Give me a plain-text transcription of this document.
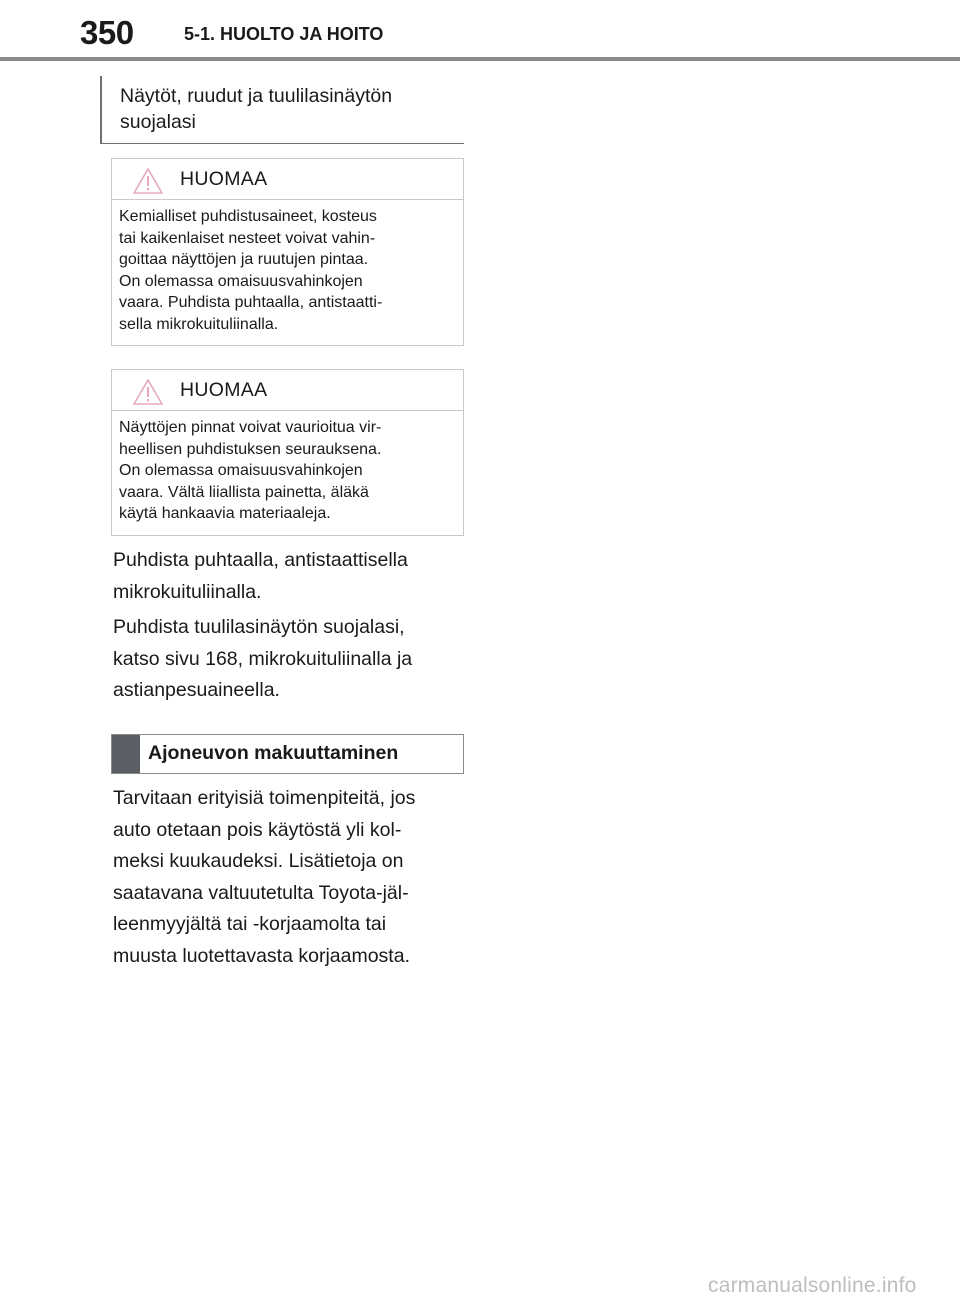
350	5-1. HUOLTO JA HOITO
Näytöt, ruudut ja tuulilasinäytön
suojalasi
HUOMAA
Kemialliset puhdistusaineet, kosteus
tai kaikenlaiset nesteet voivat vahin-
goittaa näyttöjen ja ruutujen pintaa.
On olemassa omaisuusvahinkojen
vaara. Puhdista puhtaalla, antistaatti-
sella mikrokuituliinalla.
HUOMAA
Näyttöjen pinnat voivat vaurioitua vir-
heellisen puhdistuksen seurauksena.
On olemassa omaisuusvahinkojen
vaara. Vältä liiallista painetta, äläkä
käytä hankaavia materiaaleja.
Puhdista puhtaalla, antistaattisella
mikrokuituliinalla.
Puhdista tuulilasinäytön suojalasi,
katso sivu 168, mikrokuituliinalla ja
astianpesuaineella.
Ajoneuvon makuuttaminen
Tarvitaan erityisiä toimenpiteitä, jos
auto otetaan pois käytöstä yli kol-
meksi kuukaudeksi. Lisätietoja on
saatavana valtuutetulta Toyota-jäl-
leenmyyjältä tai -korjaamolta tai
muusta luotettavasta korjaamosta.
carmanualsonline.info
